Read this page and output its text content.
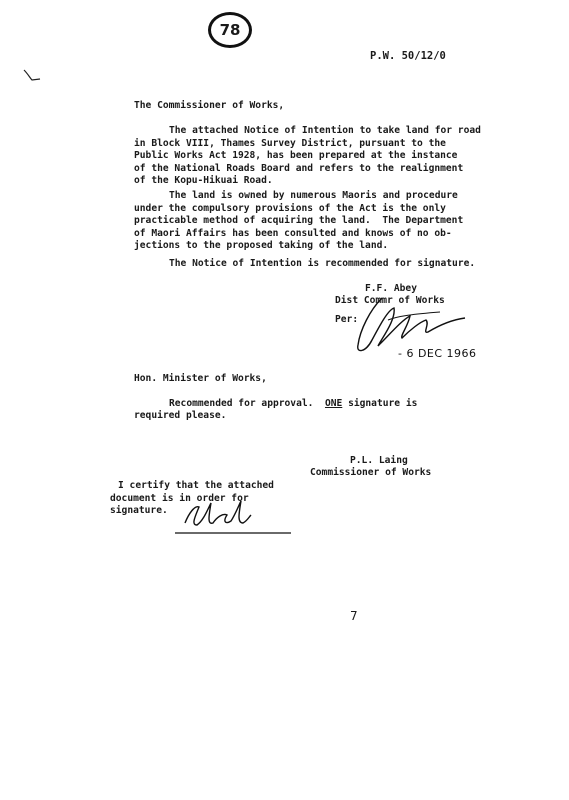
78
P.W. 50/12/0
The Commissioner of Works,
The attached Notice of Intention to take land for road
in Block VIII, Thames Survey District, pursuant to the
Public Works Act 1928, has been prepared at the instance
of the National Roads Board and refers to the realignment
of the Kopu-Hikuai Road.
The land is owned by numerous Maoris and procedure
under the compulsory provisions of the Act is the only
practicable method of acquiring the land.  The Department
of Maori Affairs has been consulted and knows of no ob-
jections to the proposed taking of the land.
The Notice of Intention is recommended for signature.
F.F. Abey
Dist Commr of Works
Per:
- 6 DEC 1966
Hon. Minister of Works,
Recommended for approval. ONE signature is
required please.
P.L. Laing
Commissioner of Works
I certify that the attached
document is in order for
signature.
7
